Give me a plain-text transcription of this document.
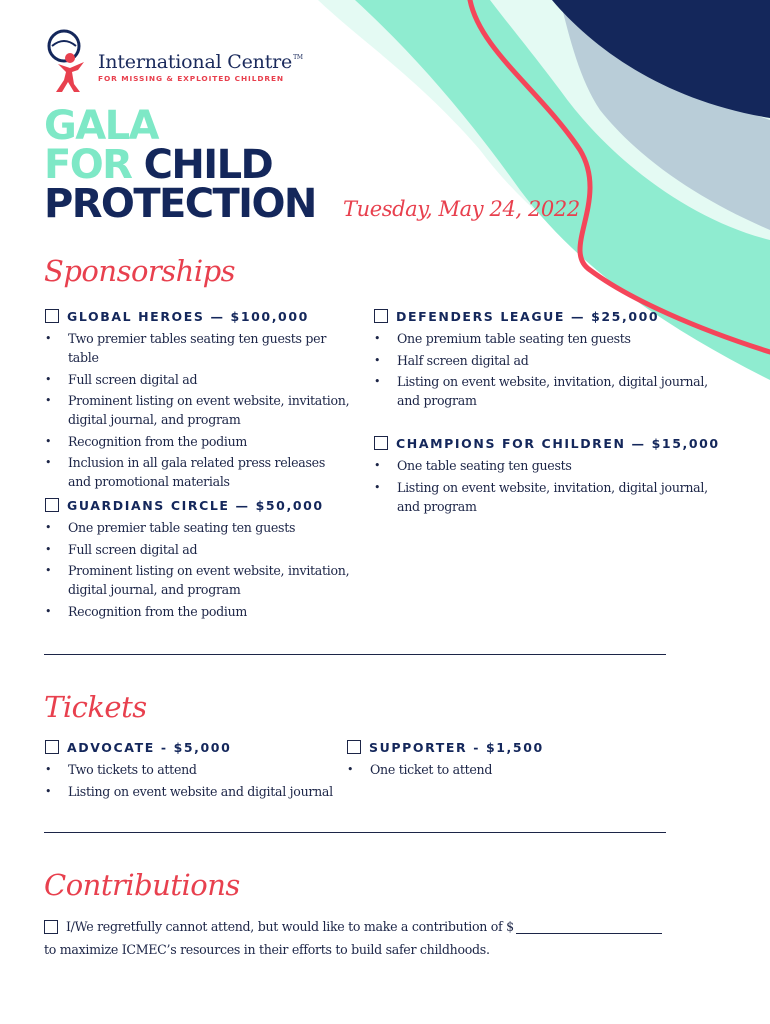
International Centre™
FOR MISSING & EXPLOITED CHILDREN
GALA
FOR CHILD
PROTECTION Tuesday, May 24, 2022
Sponsorships
GLOBAL HEROES — $100,000
• Two premier tables seating ten guests per table
• Full screen digital ad
• Prominent listing on event website, invitation, digital journal, and program
• Recognition from the podium
• Inclusion in all gala related press releases and promotional materials
GUARDIANS CIRCLE — $50,000
• One premier table seating ten guests
• Full screen digital ad
• Prominent listing on event website, invitation, digital journal, and program
• Recognition from the podium
DEFENDERS LEAGUE — $25,000
• One premium table seating ten guests
• Half screen digital ad
• Listing on event website, invitation, digital journal, and program
CHAMPIONS FOR CHILDREN — $15,000
• One table seating ten guests
• Listing on event website, invitation, digital journal, and program
Tickets
ADVOCATE - $5,000
• Two tickets to attend
• Listing on event website and digital journal
SUPPORTER - $1,500
• One ticket to attend
Contributions
I/We regretfully cannot attend, but would like to make a contribution of $
to maximize ICMEC’s resources in their efforts to build safer childhoods.
